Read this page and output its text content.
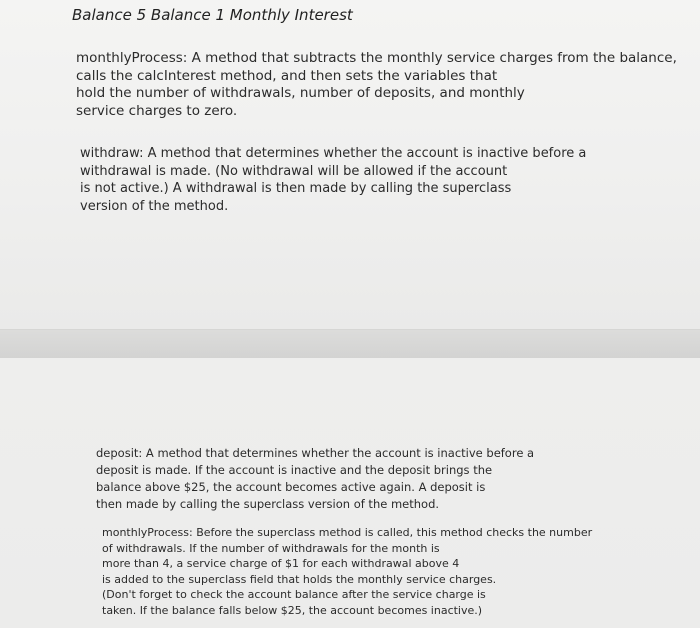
Balance 5 Balance 1 Monthly Interest

monthlyProcess: A method that subtracts the monthly service charges from the balance,
calls the calcInterest method, and then sets the variables that
hold the number of withdrawals, number of deposits, and monthly
service charges to zero.

withdraw: A method that determines whether the account is inactive before a
withdrawal is made. (No withdrawal will be allowed if the account
is not active.) A withdrawal is then made by calling the superclass
version of the method.

deposit: A method that determines whether the account is inactive before a
deposit is made. If the account is inactive and the deposit brings the
balance above $25, the account becomes active again. A deposit is
then made by calling the superclass version of the method.

monthlyProcess: Before the superclass method is called, this method checks the number
of withdrawals. If the number of withdrawals for the month is
more than 4, a service charge of $1 for each withdrawal above 4
is added to the superclass field that holds the monthly service charges.
(Don't forget to check the account balance after the service charge is
taken. If the balance falls below $25, the account becomes inactive.)
